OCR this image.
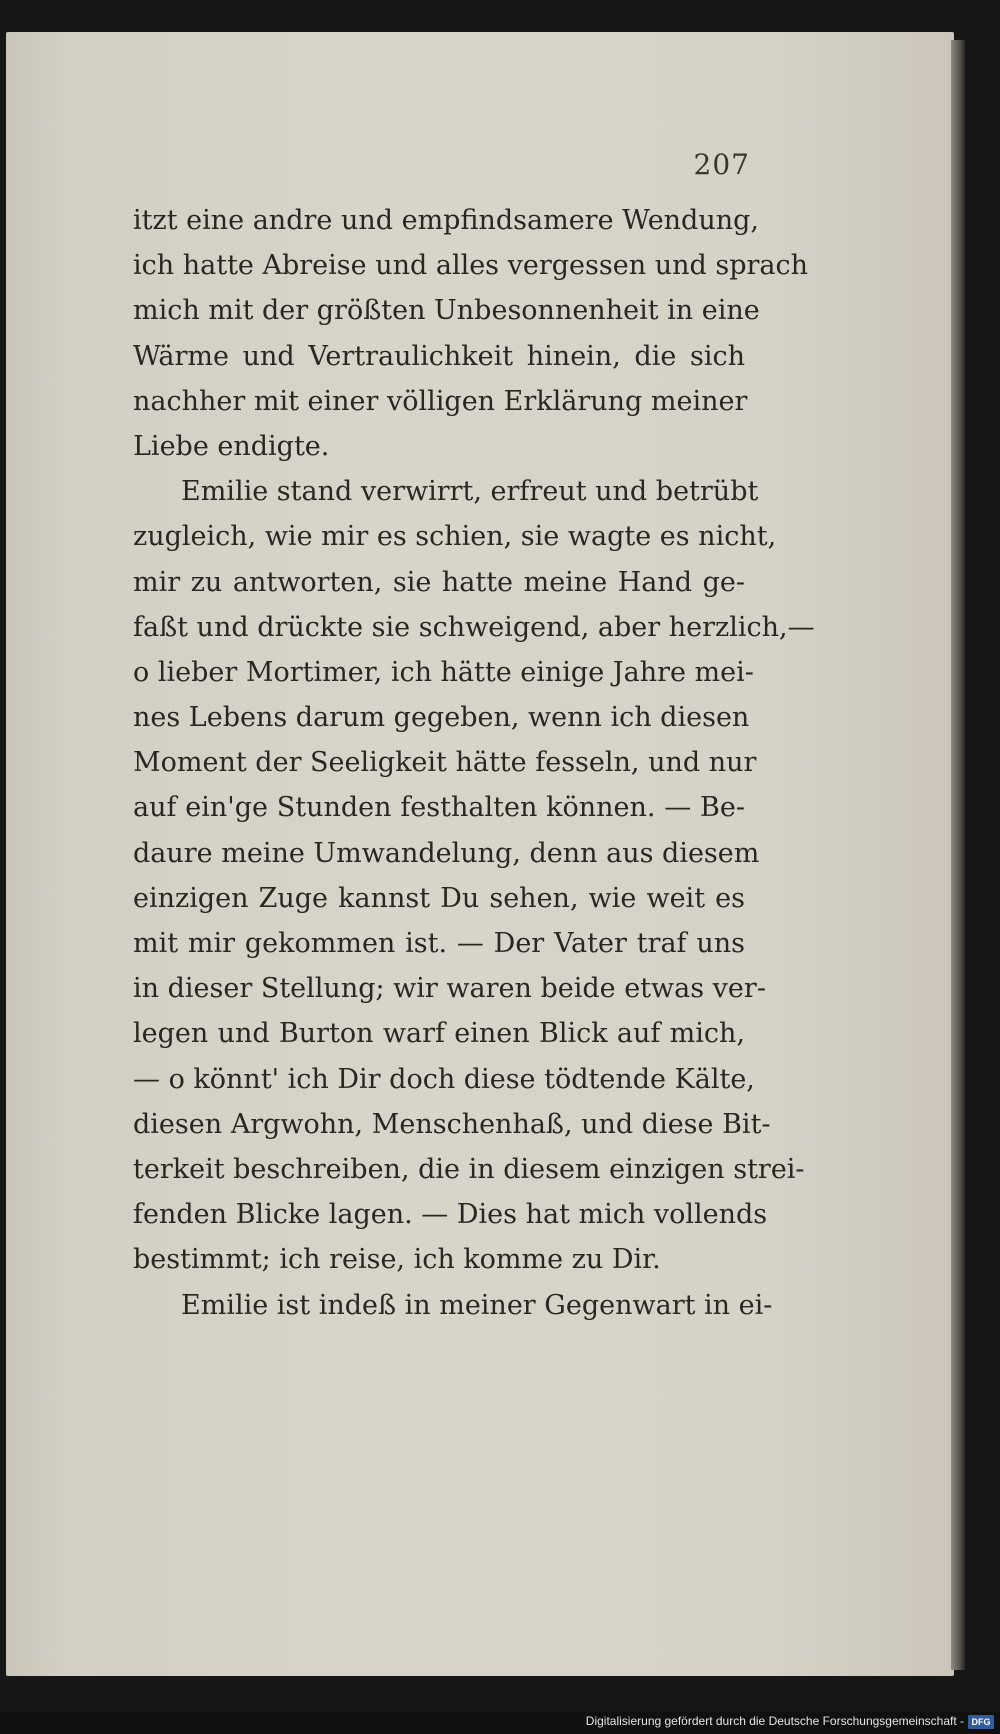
207
itzt eine andre und empfindsamere Wendung,
ich hatte Abreise und alles vergessen und sprach
mich mit der größten Unbesonnenheit in eine
Wärme und Vertraulichkeit hinein, die sich
nachher mit einer völligen Erklärung meiner
Liebe endigte.
Emilie stand verwirrt, erfreut und betrübt
zugleich, wie mir es schien, sie wagte es nicht,
mir zu antworten, sie hatte meine Hand ge-
faßt und drückte sie schweigend, aber herzlich,—
o lieber Mortimer, ich hätte einige Jahre mei-
nes Lebens darum gegeben, wenn ich diesen
Moment der Seeligkeit hätte fesseln, und nur
auf ein'ge Stunden festhalten können. — Be-
daure meine Umwandelung, denn aus diesem
einzigen Zuge kannst Du sehen, wie weit es
mit mir gekommen ist. — Der Vater traf uns
in dieser Stellung; wir waren beide etwas ver-
legen und Burton warf einen Blick auf mich,
— o könnt' ich Dir doch diese tödtende Kälte,
diesen Argwohn, Menschenhaß, und diese Bit-
terkeit beschreiben, die in diesem einzigen strei-
fenden Blicke lagen. — Dies hat mich vollends
bestimmt; ich reise, ich komme zu Dir.
Emilie ist indeß in meiner Gegenwart in ei-
Digitalisierung gefördert durch die Deutsche Forschungsgemeinschaft - DFG
